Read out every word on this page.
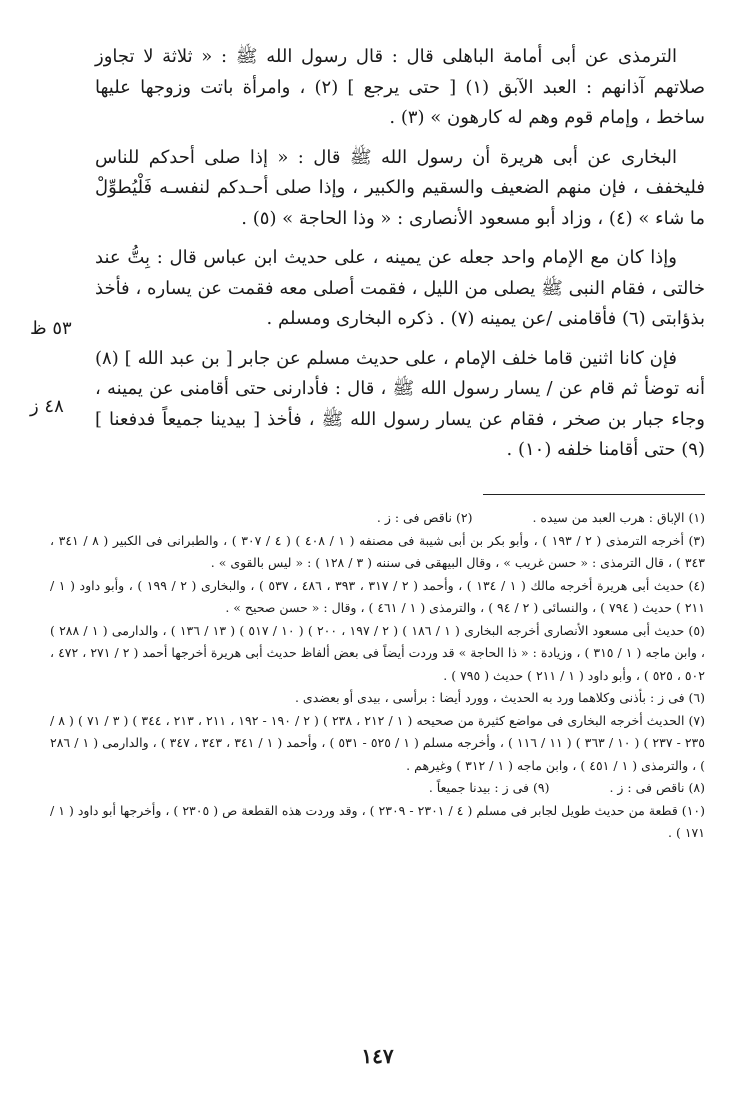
الترمذى عن أبى أمامة الباهلى قال : قال رسول الله ﷺ : « ثلاثة لا تجاوز صلاتهم آذانهم : العبد الآبق (١) [ حتى يرجع ] (٢) ، وامرأة باتت وزوجها عليها ساخط ، وإمام قوم وهم له كارهون » (٣) .

البخارى عن أبى هريرة أن رسول الله ﷺ قال : « إذا صلى أحدكم للناس فليخفف ، فإن منهم الضعيف والسقيم والكبير ، وإذا صلى أحـدكم لنفسـه فَلْيُطوِّلْ ما شاء » (٤) ، وزاد أبو مسعود الأنصارى : « وذا الحاجة » (٥) .

وإذا كان مع الإمام واحد جعله عن يمينه ، على حديث ابن عباس قال : بِتُّ عند خالتى ، فقام النبى ﷺ يصلى من الليل ، فقمت أصلى معه فقمت عن يساره ، فأخذ بذؤابتى (٦) فأقامنى /عن يمينه (٧) . ذكره البخارى ومسلم .

فإن كانا اثنين قاما خلف الإمام ، على حديث مسلم عن جابر [ بن عبد الله ] (٨) أنه توضأ ثم قام عن / يسار رسول الله ﷺ ، قال : فأدارنى حتى أقامنى عن يمينه ، وجاء جبار بن صخر ، فقام عن يسار رسول الله ﷺ ، فأخذ [ بيدينا جميعاً فدفعنا ] (٩) حتى أقامنا خلفه (١٠) .

٥٣ ظ
٤٨ ز
(١) الإباق : هرب العبد من سيده .
(٢) ناقص فى : ز .

(٣) أخرجه الترمذى ( ٢ / ١٩٣ ) ، وأبو بكر بن أبى شيبة فى مصنفه ( ١ / ٤٠٨ ) ( ٤ / ٣٠٧ ) ، والطبرانى فى الكبير ( ٨ / ٣٤١ ، ٣٤٣ ) ، قال الترمذى : « حسن غريب » ، وقال البيهقى فى سننه ( ٣ / ١٢٨ ) : « ليس بالقوى » .

(٤) حديث أبى هريرة أخرجه مالك ( ١ / ١٣٤ ) ، وأحمد ( ٢ / ٣١٧ ، ٣٩٣ ، ٤٨٦ ، ٥٣٧ ) ، والبخارى ( ٢ / ١٩٩ ) ، وأبو داود ( ١ / ٢١١ ) حديث ( ٧٩٤ ) ، والنسائى ( ٢ / ٩٤ ) ، والترمذى ( ١ / ٤٦١ ) ، وقال : « حسن صحيح » .

(٥) حديث أبى مسعود الأنصارى أخرجه البخارى ( ١ / ١٨٦ ) ( ٢ / ١٩٧ ، ٢٠٠ ) ( ١٠ / ٥١٧ ) ( ١٣ / ١٣٦ ) ، والدارمى ( ١ / ٢٨٨ ) ، وابن ماجه ( ١ / ٣١٥ ) ، وزيادة : « ذا الحاجة » قد وردت أيضاً فى بعض ألفاظ حديث أبى هريرة أخرجها أحمد ( ٢ / ٢٧١ ، ٤٧٢ ، ٥٠٢ ، ٥٢٥ ) ، وأبو داود ( ١ / ٢١١ ) حديث ( ٧٩٥ ) .

(٦) فى ز : بأذنى وكلاهما ورد به الحديث ، وورد أيضا : برأسى ، بيدى أو بعضدى .

(٧) الحديث أخرجه البخارى فى مواضع كثيرة من صحيحه ( ١ / ٢١٢ ، ٢٣٨ ) ( ٢ / ١٩٠ - ١٩٢ ، ٢١١ ، ٢١٣ ، ٣٤٤ ) ( ٣ / ٧١ ) ( ٨ / ٢٣٥ - ٢٣٧ ) ( ١٠ / ٣٦٣ ) ( ١١ / ١١٦ ) ، وأخرجه مسلم ( ١ / ٥٢٥ - ٥٣١ ) ، وأحمد ( ١ / ٣٤١ ، ٣٤٣ ، ٣٤٧ ) ، والدارمى ( ١ / ٢٨٦ ) ، والترمذى ( ١ / ٤٥١ ) ، وابن ماجه ( ١ / ٣١٢ ) وغيرهم .

(٨) ناقص فى : ز .
(٩) فى ز : بيدنا جميعاً .

(١٠) قطعة من حديث طويل لجابر فى مسلم ( ٤ / ٢٣٠١ - ٢٣٠٩ ) ، وقد وردت هذه القطعة ص ( ٢٣٠٥ ) ، وأخرجها أبو داود ( ١ / ١٧١ ) .

١٤٧
